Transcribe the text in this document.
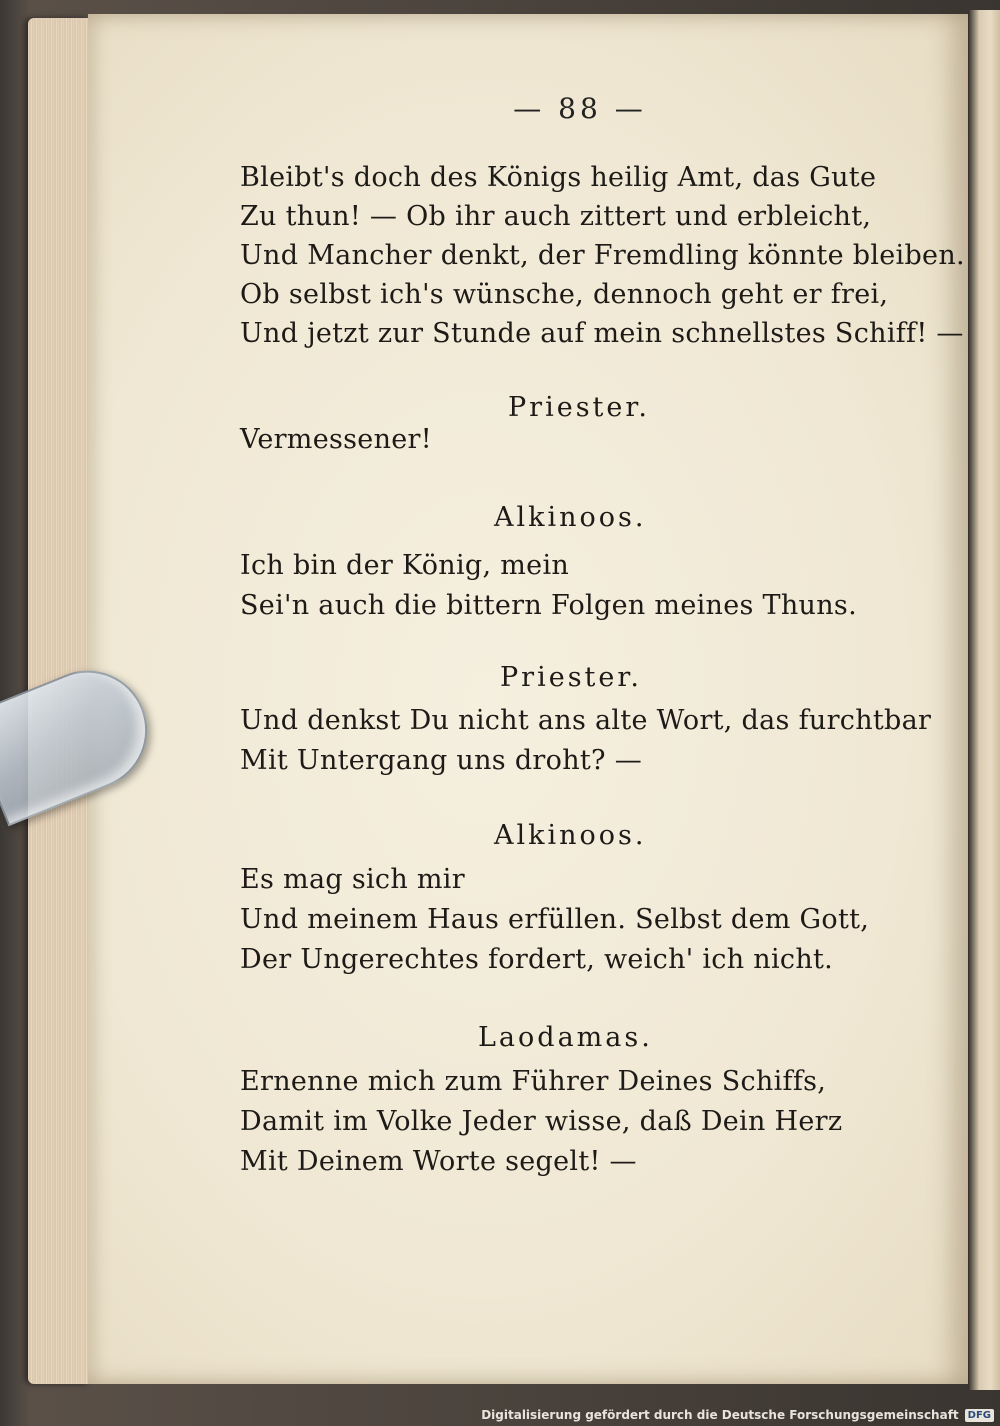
— 88 —
Bleibt's doch des Königs heilig Amt, das Gute
Zu thun! — Ob ihr auch zittert und erbleicht,
Und Mancher denkt, der Fremdling könnte bleiben.
Ob selbst ich's wünsche, dennoch geht er frei,
Und jetzt zur Stunde auf mein schnellstes Schiff! —
Priester.
Vermessener!
Alkinoos.
Ich bin der König, mein
Sei'n auch die bittern Folgen meines Thuns.
Priester.
Und denkst Du nicht ans alte Wort, das furchtbar
Mit Untergang uns droht? —
Alkinoos.
Es mag sich mir
Und meinem Haus erfüllen. Selbst dem Gott,
Der Ungerechtes fordert, weich' ich nicht.
Laodamas.
Ernenne mich zum Führer Deines Schiffs,
Damit im Volke Jeder wisse, daß Dein Herz
Mit Deinem Worte segelt! —
Digitalisierung gefördert durch die Deutsche Forschungsgemeinschaft DFG
